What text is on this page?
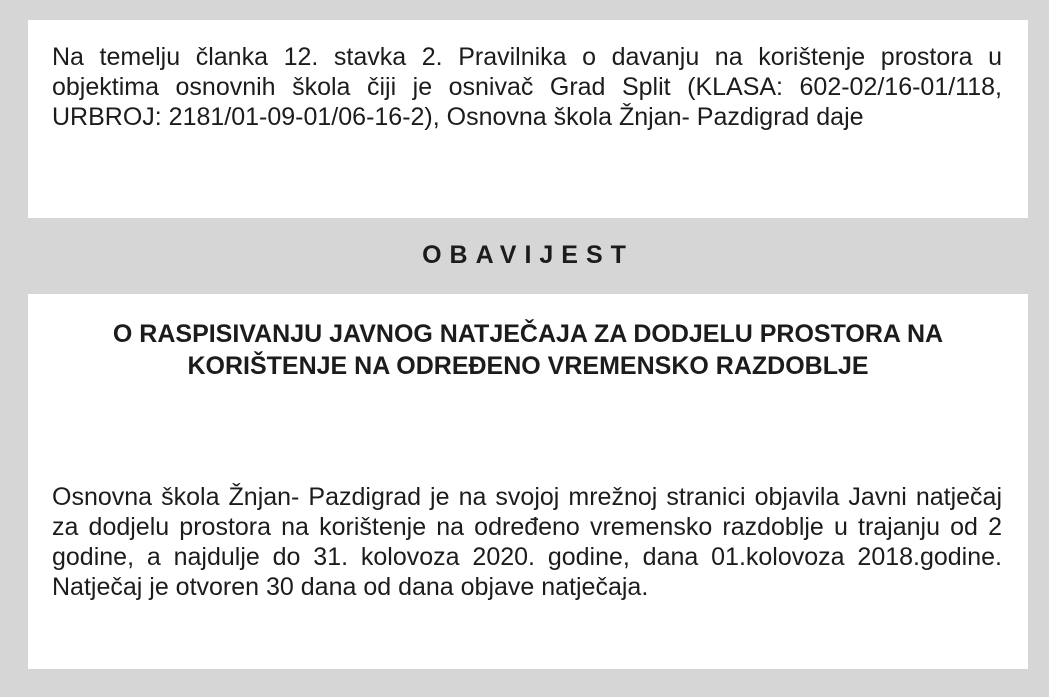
Na temelju članka 12. stavka 2. Pravilnika o davanju na korištenje prostora u objektima osnovnih škola čiji je osnivač Grad Split (KLASA: 602-02/16-01/118, URBROJ: 2181/01-09-01/06-16-2), Osnovna škola Žnjan- Pazdigrad daje

OBAVIJEST
O RASPISIVANJU JAVNOG NATJEČAJA ZA DODJELU PROSTORA NA KORIŠTENJE NA ODREĐENO VREMENSKO RAZDOBLJE

Osnovna škola Žnjan- Pazdigrad je na svojoj mrežnoj stranici objavila Javni natječaj za dodjelu prostora na korištenje na određeno vremensko razdoblje u trajanju od 2 godine, a najdulje do 31. kolovoza 2020. godine, dana 01.kolovoza 2018.godine. Natječaj je otvoren 30 dana od dana objave natječaja.
